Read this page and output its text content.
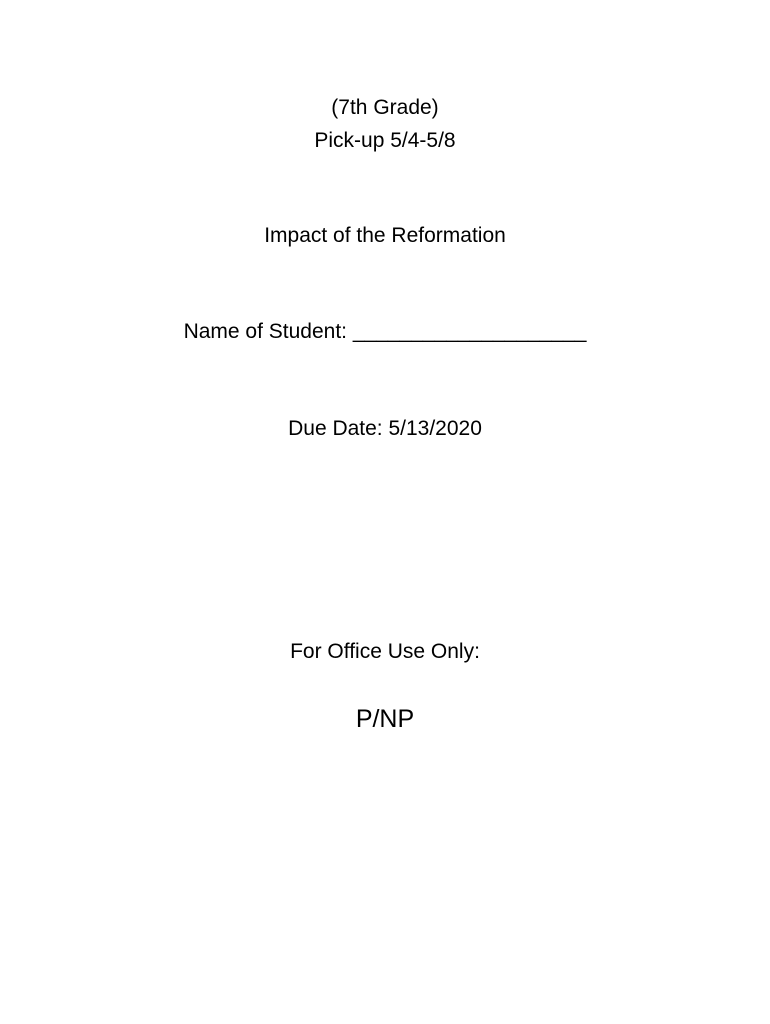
(7th Grade)
Pick-up 5/4-5/8
Impact of the Reformation
Name of Student: ____________________
Due Date: 5/13/2020
For Office Use Only:
P/NP
